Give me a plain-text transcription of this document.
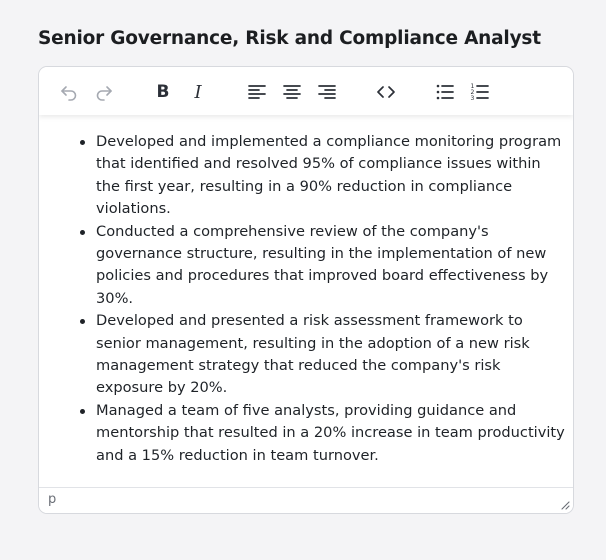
Senior Governance, Risk and Compliance Analyst
B I	1
2
3
Developed and implemented a compliance monitoring program that identified and resolved 95% of compliance issues within the first year, resulting in a 90% reduction in compliance violations.
Conducted a comprehensive review of the company's governance structure, resulting in the implementation of new policies and procedures that improved board effectiveness by 30%.
Developed and presented a risk assessment framework to senior management, resulting in the adoption of a new risk management strategy that reduced the company's risk exposure by 20%.
Managed a team of five analysts, providing guidance and mentorship that resulted in a 20% increase in team productivity and a 15% reduction in team turnover.
p
